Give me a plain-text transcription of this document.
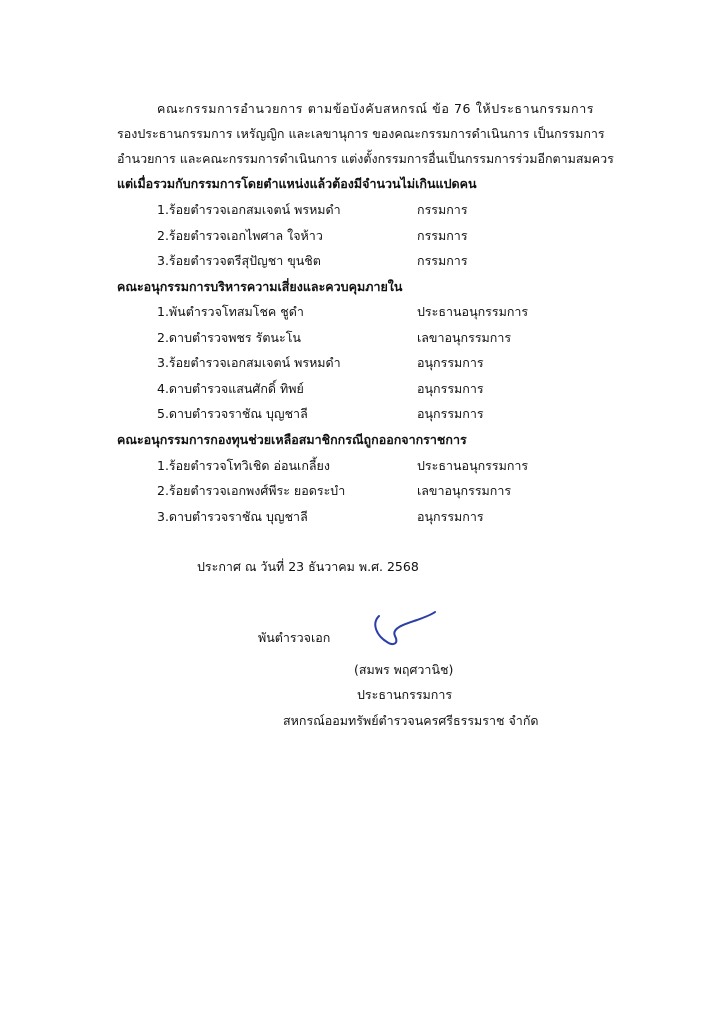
คณะกรรมการอำนวยการ ตามข้อบังคับสหกรณ์ ข้อ 76 ให้ประธานกรรมการ
รองประธานกรรมการ เหรัญญิก และเลขานุการ ของคณะกรรมการดำเนินการ เป็นกรรมการ
อำนวยการ และคณะกรรมการดำเนินการ แต่งตั้งกรรมการอื่นเป็นกรรมการร่วมอีกตามสมควร
แต่เมื่อรวมกับกรรมการโดยตำแหน่งแล้วต้องมีจำนวนไม่เกินแปดคน
1.ร้อยตำรวจเอกสมเจตน์ พรหมดำ	กรรมการ
2.ร้อยตำรวจเอกไพศาล ใจห้าว	กรรมการ
3.ร้อยตำรวจตรีสุปัญชา ขุนชิต	กรรมการ
คณะอนุกรรมการบริหารความเสี่ยงและควบคุมภายใน
1.พันตำรวจโทสมโชค ชูดำ	ประธานอนุกรรมการ
2.ดาบตำรวจพชร รัตนะโน	เลขาอนุกรรมการ
3.ร้อยตำรวจเอกสมเจตน์ พรหมดำ	อนุกรรมการ
4.ดาบตำรวจแสนศักดิ์ ทิพย์	อนุกรรมการ
5.ดาบตำรวจราชัณ บุญชาลี	อนุกรรมการ
คณะอนุกรรมการกองทุนช่วยเหลือสมาชิกกรณีถูกออกจากราชการ
1.ร้อยตำรวจโทวิเชิด อ่อนเกลี้ยง	ประธานอนุกรรมการ
2.ร้อยตำรวจเอกพงศ์พีระ ยอดระบำ	เลขาอนุกรรมการ
3.ดาบตำรวจราชัณ บุญชาลี	อนุกรรมการ
ประกาศ ณ วันที่ 23 ธันวาคม พ.ศ. 2568
พันตำรวจเอก
(สมพร พฤศวานิช)
ประธานกรรมการ
สหกรณ์ออมทรัพย์ตำรวจนครศรีธรรมราช จำกัด
